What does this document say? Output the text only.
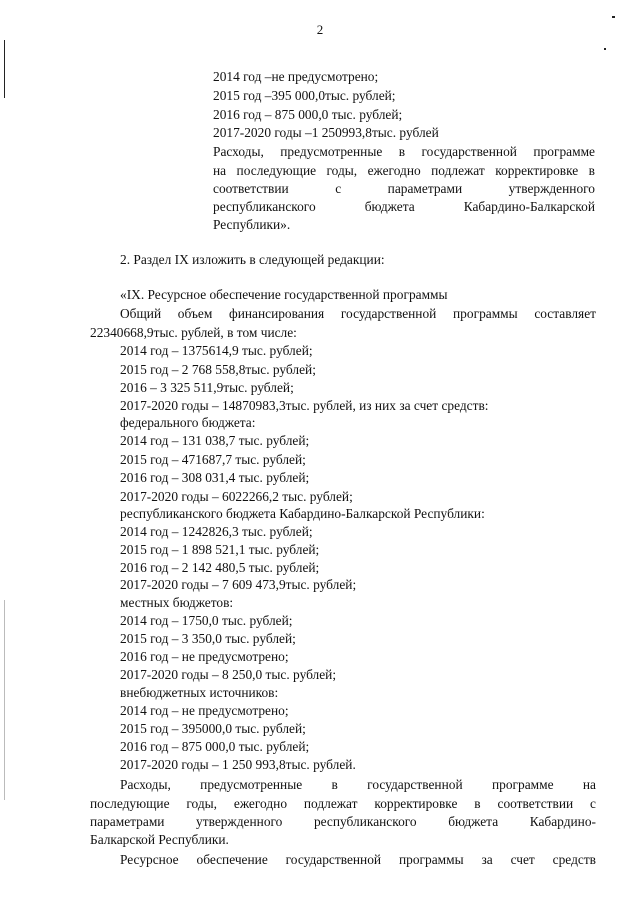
2
2014 год –не предусмотрено;
2015 год –395 000,0тыс. рублей;
2016 год – 875 000,0 тыс. рублей;
2017-2020 годы –1 250993,8тыс. рублей
Расходы, предусмотренные в государственной программе
на последующие годы, ежегодно подлежат корректировке в
соответствии с параметрами утвержденного
республиканского бюджета Кабардино-Балкарской
Республики».
2. Раздел IX изложить в следующей редакции:
«IX. Ресурсное обеспечение государственной программы
Общий объем финансирования государственной программы составляет
22340668,9тыс. рублей, в том числе:
2014 год – 1375614,9 тыс. рублей;
2015 год – 2 768 558,8тыс. рублей;
2016 – 3 325 511,9тыс. рублей;
2017-2020 годы – 14870983,3тыс. рублей, из них за счет средств:
федерального бюджета:
2014 год – 131 038,7 тыс. рублей;
2015 год – 471687,7 тыс. рублей;
2016 год – 308 031,4 тыс. рублей;
2017-2020 годы – 6022266,2 тыс. рублей;
республиканского бюджета Кабардино-Балкарской Республики:
2014 год – 1242826,3 тыс. рублей;
2015 год – 1 898 521,1 тыс. рублей;
2016 год – 2 142 480,5 тыс. рублей;
2017-2020 годы – 7 609 473,9тыс. рублей;
местных бюджетов:
2014 год – 1750,0 тыс. рублей;
2015 год – 3 350,0 тыс. рублей;
2016 год – не предусмотрено;
2017-2020 годы – 8 250,0 тыс. рублей;
внебюджетных источников:
2014 год – не предусмотрено;
2015 год – 395000,0 тыс. рублей;
2016 год – 875 000,0 тыс. рублей;
2017-2020 годы – 1 250 993,8тыс. рублей.
Расходы, предусмотренные в государственной программе на
последующие годы, ежегодно подлежат корректировке в соответствии с
параметрами утвержденного республиканского бюджета Кабардино-
Балкарской Республики.
Ресурсное обеспечение государственной программы за счет средств
